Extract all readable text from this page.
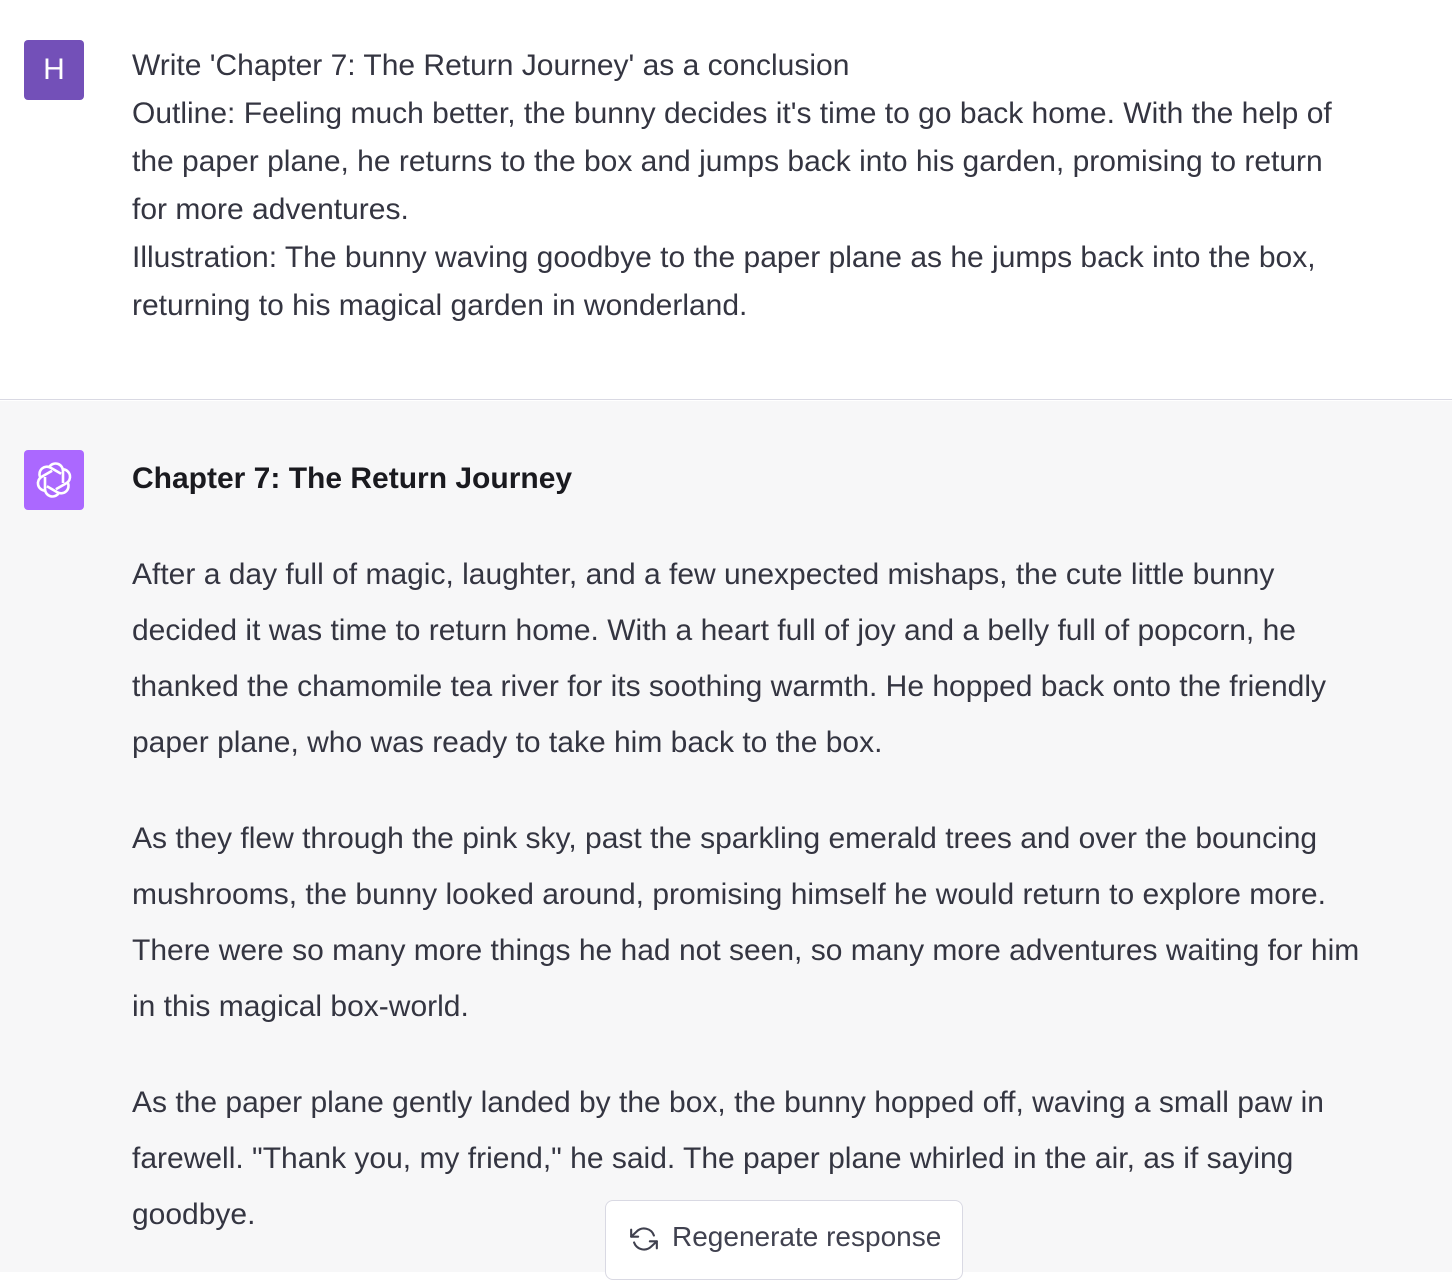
H Write 'Chapter 7: The Return Journey' as a conclusion
Outline: Feeling much better, the bunny decides it's time to go back home. With the help of
the paper plane, he returns to the box and jumps back into his garden, promising to return
for more adventures.
Illustration: The bunny waving goodbye to the paper plane as he jumps back into the box,
returning to his magical garden in wonderland.
Chapter 7: The Return Journey
After a day full of magic, laughter, and a few unexpected mishaps, the cute little bunny
decided it was time to return home. With a heart full of joy and a belly full of popcorn, he
thanked the chamomile tea river for its soothing warmth. He hopped back onto the friendly
paper plane, who was ready to take him back to the box.
As they flew through the pink sky, past the sparkling emerald trees and over the bouncing
mushrooms, the bunny looked around, promising himself he would return to explore more.
There were so many more things he had not seen, so many more adventures waiting for him
in this magical box-world.
As the paper plane gently landed by the box, the bunny hopped off, waving a small paw in
farewell. "Thank you, my friend," he said. The paper plane whirled in the air, as if saying
goodbye.
Regenerate response
